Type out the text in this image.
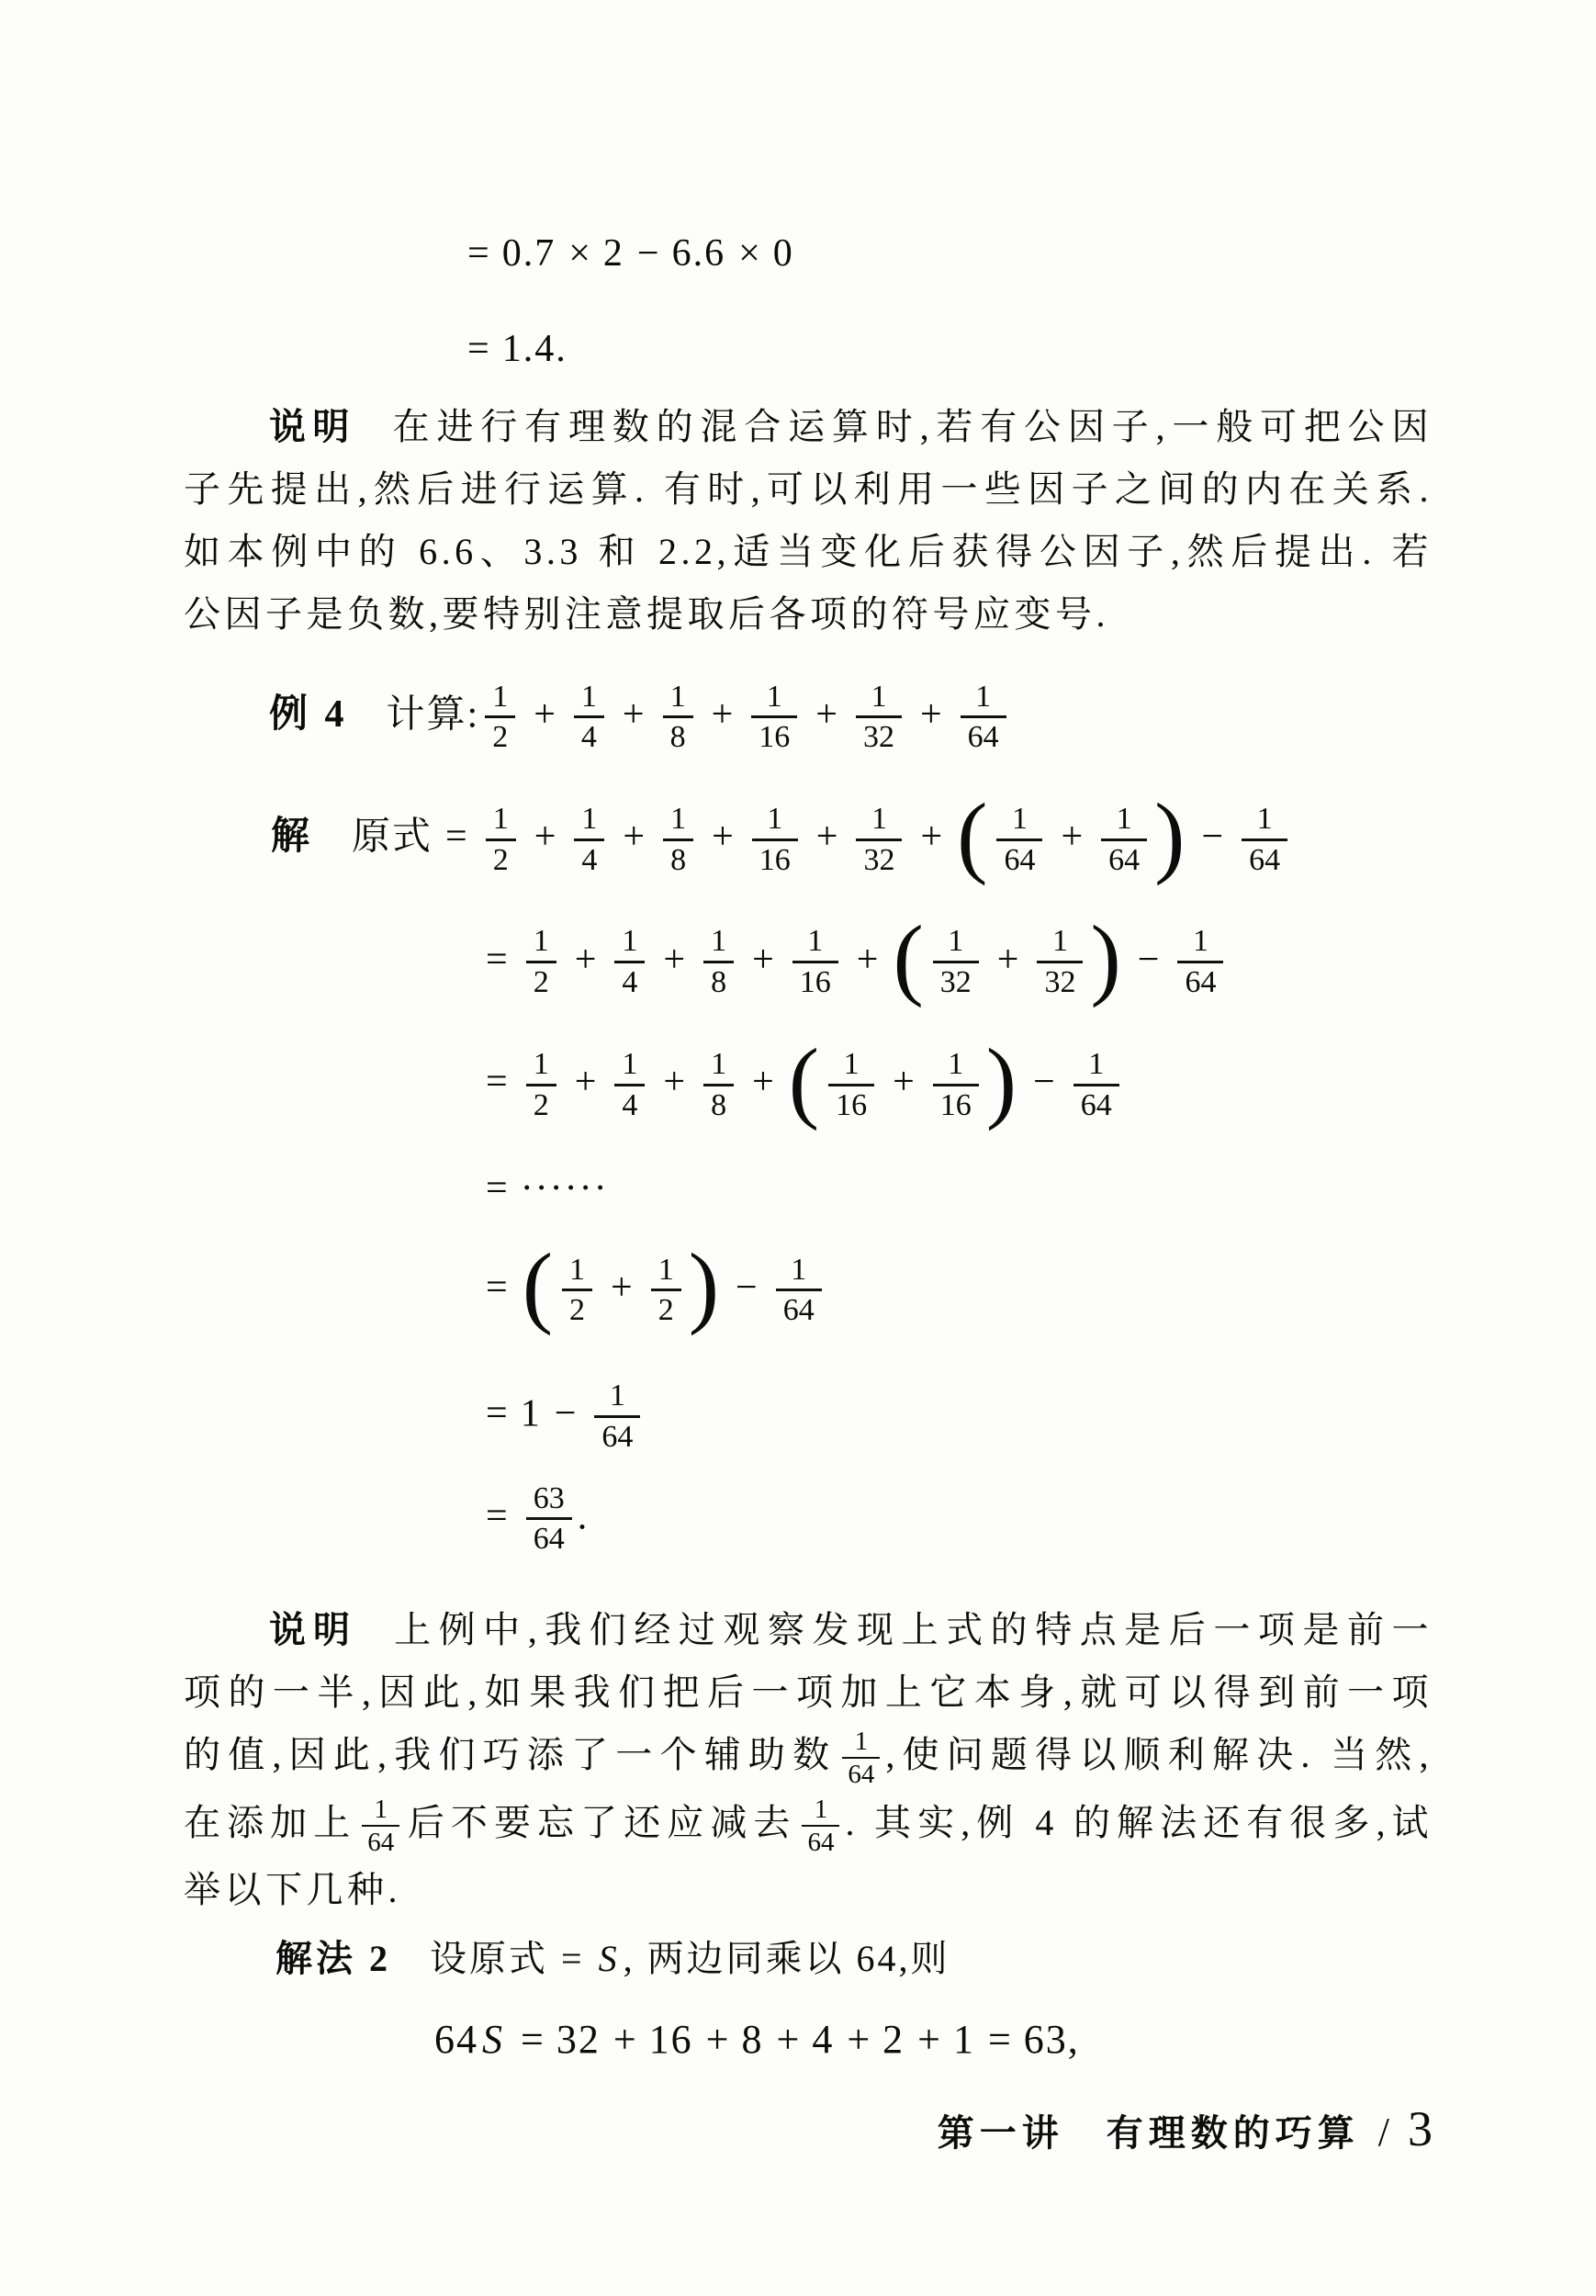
= 0.7 × 2 − 6.6 × 0
= 1.4.
说明 在进行有理数的混合运算时,若有公因子,一般可把公因
子先提出,然后进行运算. 有时,可以利用一些因子之间的内在关系.
如本例中的 6.6、3.3 和 2.2,适当变化后获得公因子,然后提出. 若
公因子是负数,要特别注意提取后各项的符号应变号.
例 4 计算: $\frac{1}{2} + \frac{1}{4} + \frac{1}{8} + \frac{1}{16} + \frac{1}{32} + \frac{1}{64}$
解 原式 = $\frac{1}{2} + \frac{1}{4} + \frac{1}{8} + \frac{1}{16} + \frac{1}{32}$ + ( $\frac{1}{64} + \frac{1}{64}$ ) − $\frac{1}{64}$
= $\frac{1}{2} + \frac{1}{4} + \frac{1}{8} + \frac{1}{16}$ + ( $\frac{1}{32} + \frac{1}{32}$ ) − $\frac{1}{64}$
= $\frac{1}{2} + \frac{1}{4} + \frac{1}{8}$ + ( $\frac{1}{16} + \frac{1}{16}$ ) − $\frac{1}{64}$
= ······
= ( $\frac{1}{2} + \frac{1}{2}$ ) − $\frac{1}{64}$
= $1 - \frac{1}{64}$
= $\frac{63}{64}$ .
说明 上例中,我们经过观察发现上式的特点是后一项是前一
项的一半,因此,如果我们把后一项加上它本身,就可以得到前一项
的值,因此,我们巧添了一个辅助数 $\frac{1}{64}$ ,使问题得以顺利解决. 当然,
在添加上 $\frac{1}{64}$ 后不要忘了还应减去 $\frac{1}{64}$ . 其实,例 4 的解法还有很多,试
举以下几种.
解法 2 设原式 = S , 两边同乘以 64,则
64S = 32 + 16 + 8 + 4 + 2 + 1 = 63,
第一讲　有理数的巧算 / 3
